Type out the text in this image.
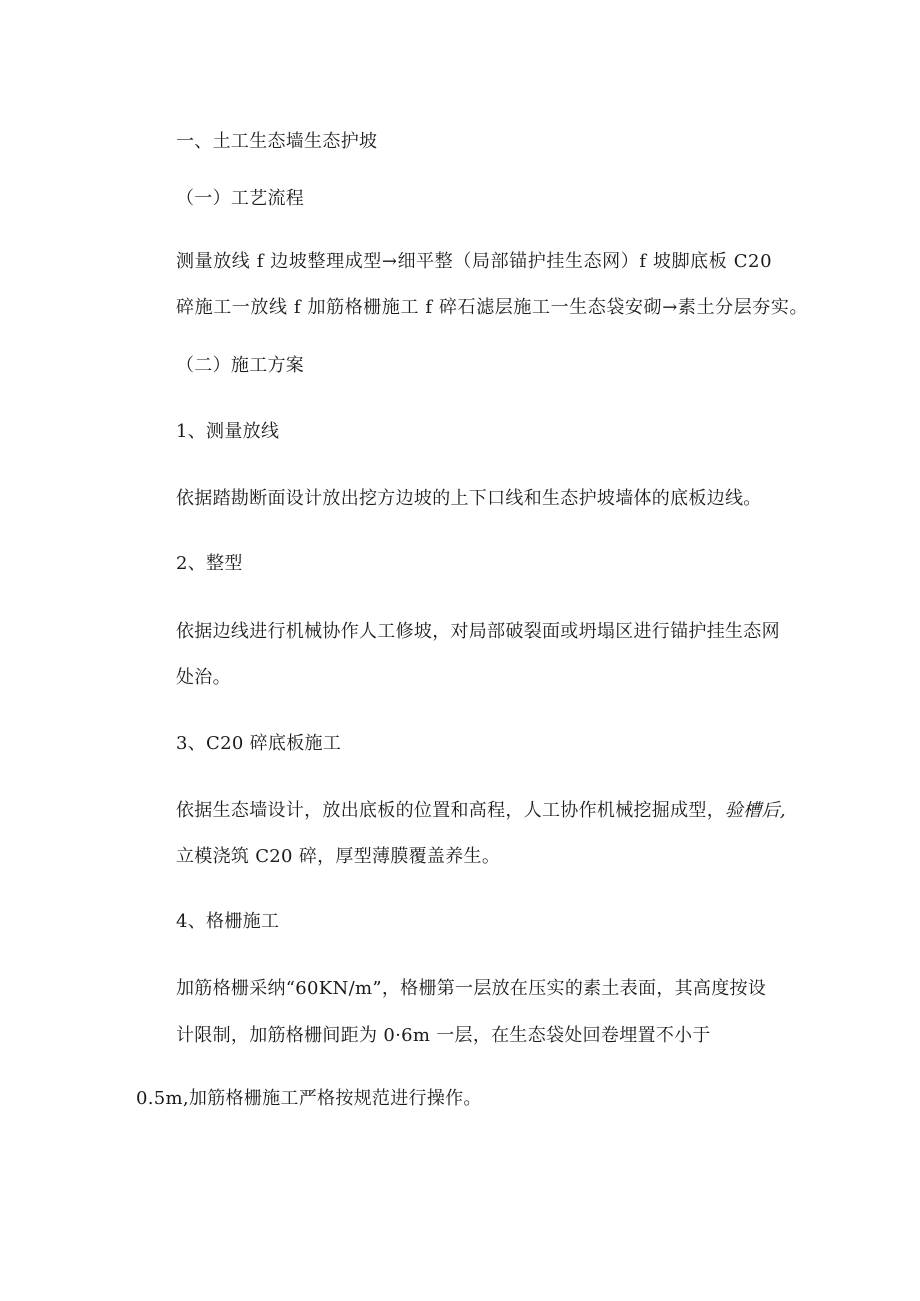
一、土工生态墙生态护坡
（一）工艺流程
测量放线 f 边坡整理成型→细平整（局部锚护挂生态网）f 坡脚底板 C20
碎施工一放线 f 加筋格栅施工 f 碎石滤层施工一生态袋安砌→素土分层夯实。
（二）施工方案
1、测量放线
依据踏勘断面设计放出挖方边坡的上下口线和生态护坡墙体的底板边线。
2、整型
依据边线进行机械协作人工修坡，对局部破裂面或坍塌区进行锚护挂生态网
处治。
3、C20 碎底板施工
依据生态墙设计，放出底板的位置和高程，人工协作机械挖掘成型，验槽后,
立模浇筑 C20 碎，厚型薄膜覆盖养生。
4、格栅施工
加筋格栅采纳“60KN/m”，格栅第一层放在压实的素土表面，其高度按设
计限制，加筋格栅间距为 0·6m 一层，在生态袋处回卷埋置不小于
0.5m,加筋格栅施工严格按规范进行操作。
